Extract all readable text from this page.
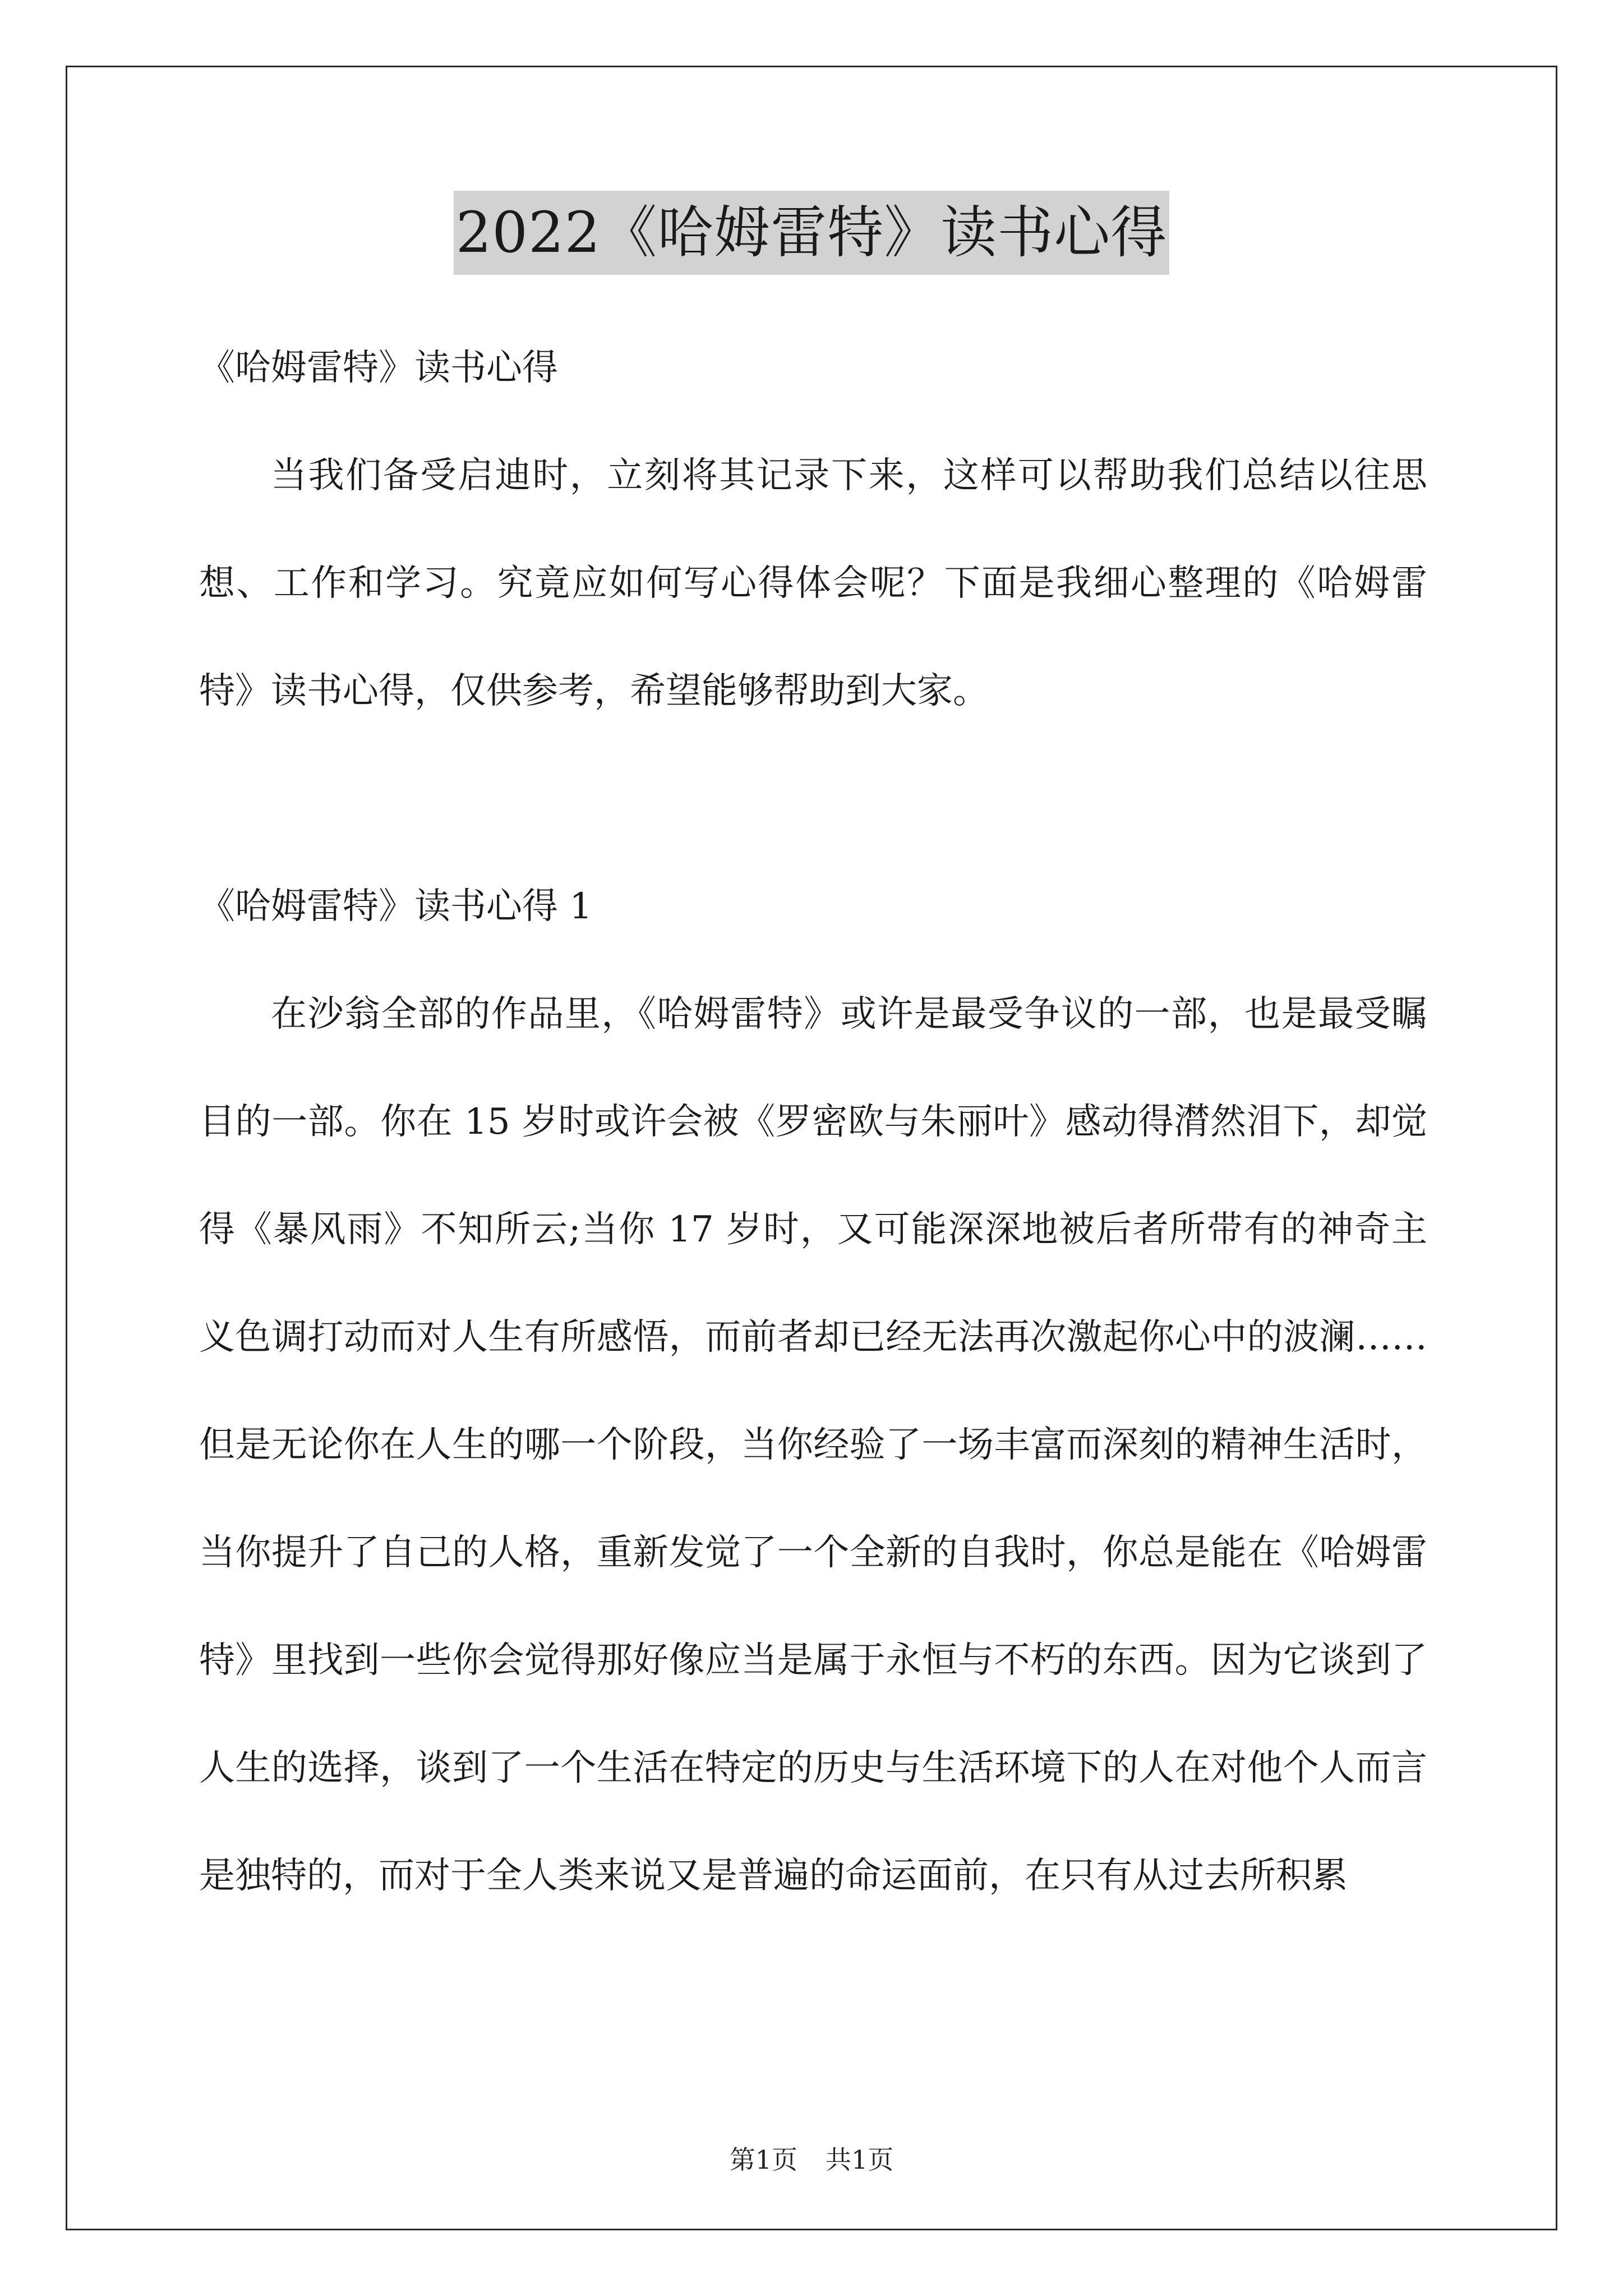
2022《哈姆雷特》读书心得

《哈姆雷特》读书心得

当我们备受启迪时，立刻将其记录下来，这样可以帮助我们总结以往思想、工作和学习。究竟应如何写心得体会呢？下面是我细心整理的《哈姆雷特》读书心得，仅供参考，希望能够帮助到大家。

《哈姆雷特》读书心得 1

在沙翁全部的作品里，《哈姆雷特》或许是最受争议的一部，也是最受瞩目的一部。你在 15 岁时或许会被《罗密欧与朱丽叶》感动得潸然泪下，却觉得《暴风雨》不知所云;当你 17 岁时，又可能深深地被后者所带有的神奇主义色调打动而对人生有所感悟，而前者却已经无法再次激起你心中的波澜……但是无论你在人生的哪一个阶段，当你经验了一场丰富而深刻的精神生活时，当你提升了自己的人格，重新发觉了一个全新的自我时，你总是能在《哈姆雷特》里找到一些你会觉得那好像应当是属于永恒与不朽的东西。因为它谈到了人生的选择，谈到了一个生活在特定的历史与生活环境下的人在对他个人而言是独特的，而对于全人类来说又是普遍的命运面前，在只有从过去所积累

第1页 共1页
